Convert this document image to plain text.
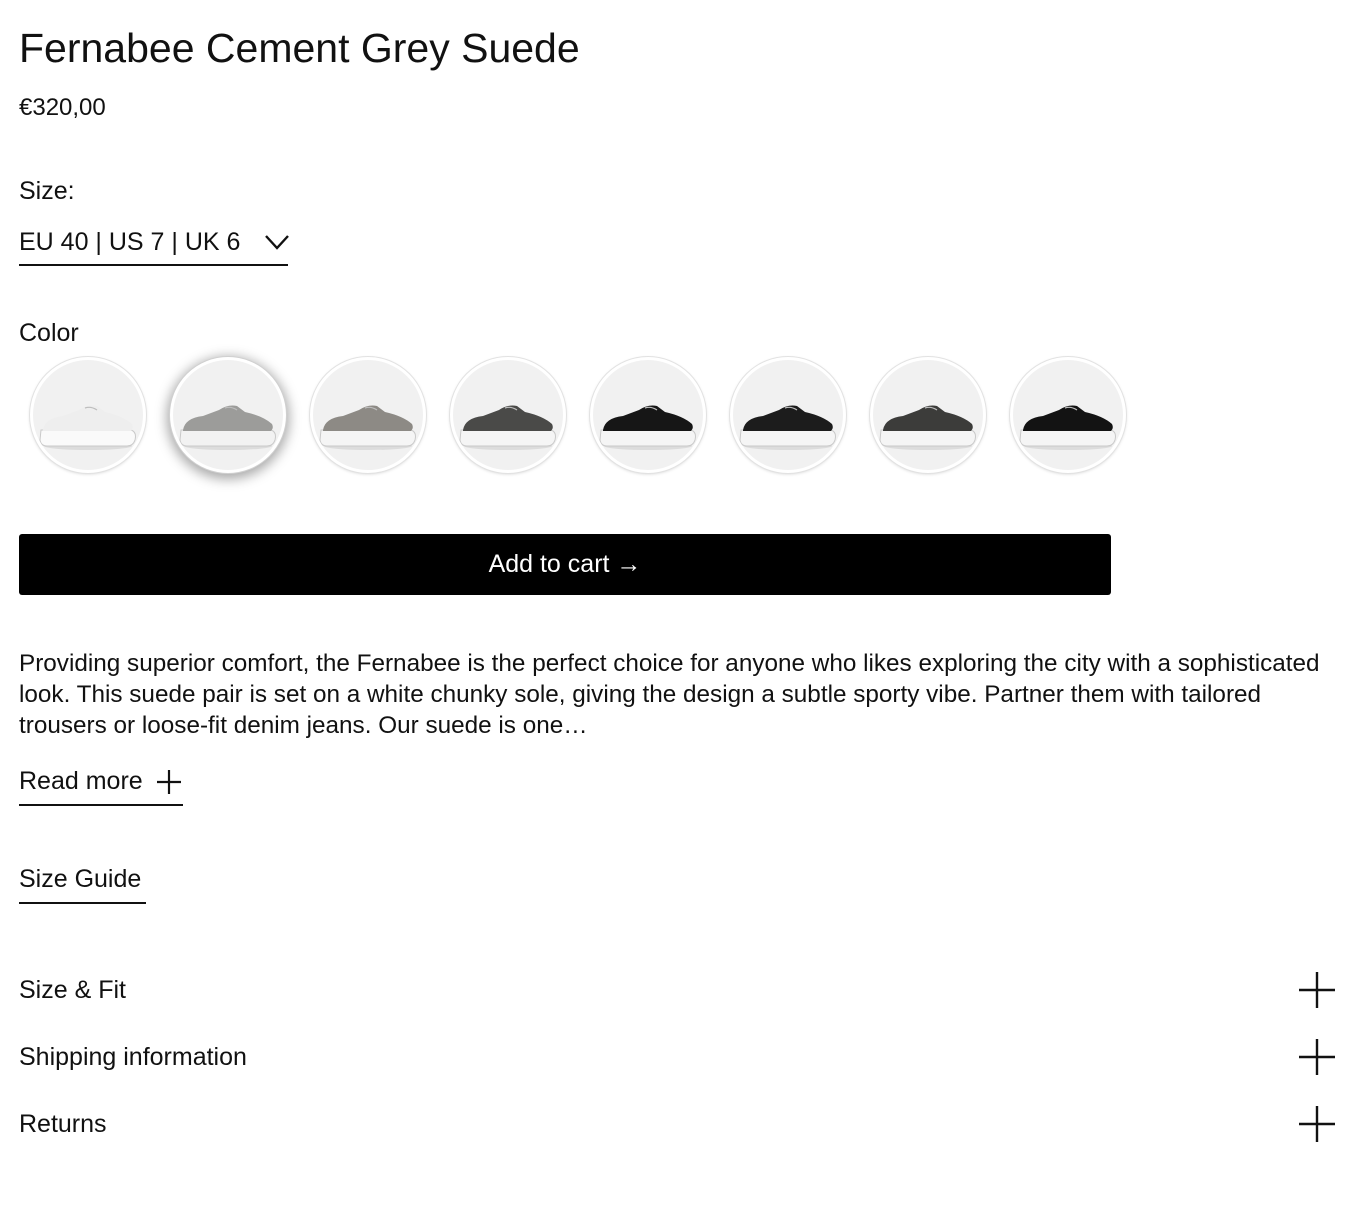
Fernabee Cement Grey Suede
€320,00
Size:
EU 40 | US 7 | UK 6
Color
Add to cart →

Providing superior comfort, the Fernabee is the perfect choice for anyone who likes exploring the city with a sophisticated look. This suede pair is set on a white chunky sole, giving the design a subtle sporty vibe. Partner them with tailored trousers or loose-fit denim jeans. Our suede is one…

Read more
Size Guide
Size & Fit
Shipping information
Returns
